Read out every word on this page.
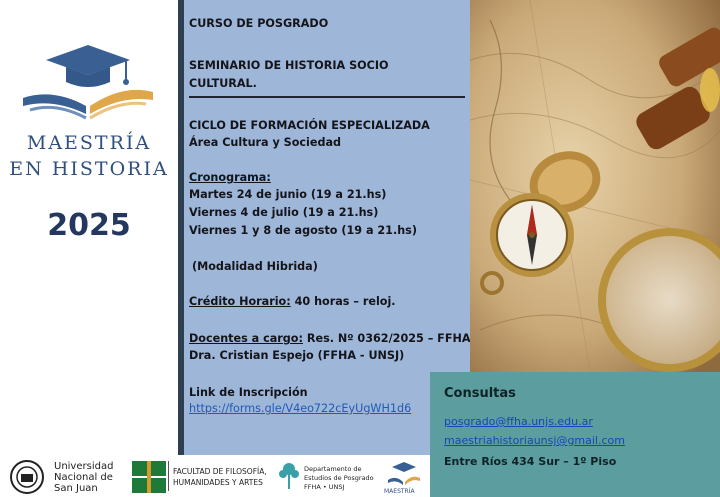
MAESTRÍA
EN HISTORIA
2025
CURSO DE POSGRADO
SEMINARIO DE HISTORIA SOCIO
CULTURAL.
CICLO DE FORMACIÓN ESPECIALIZADA
Área Cultura y Sociedad
Cronograma:
Martes 24 de junio (19 a 21.hs)
Viernes 4 de julio (19 a 21.hs)
Viernes 1 y 8 de agosto (19 a 21.hs)
(Modalidad Hibrida)
Crédito Horario: 40 horas – reloj.
Docentes a cargo: Res. Nº 0362/2025 – FFHA
Dra. Cristian Espejo (FFHA - UNSJ)
Link de Inscripción
https://forms.gle/V4eo722cEyUgWH1d6
Consultas
posgrado@ffha.unjs.edu.ar
maestriahistoriaunsj@gmail.com
Entre Ríos 434 Sur – 1º Piso
Universidad
Nacional de
San Juan
FACULTAD DE FILOSOFÍA,
HUMANIDADES Y ARTES
Departamento de
Estudios de Posgrado
FFHA • UNSJ
MAESTRÍA
